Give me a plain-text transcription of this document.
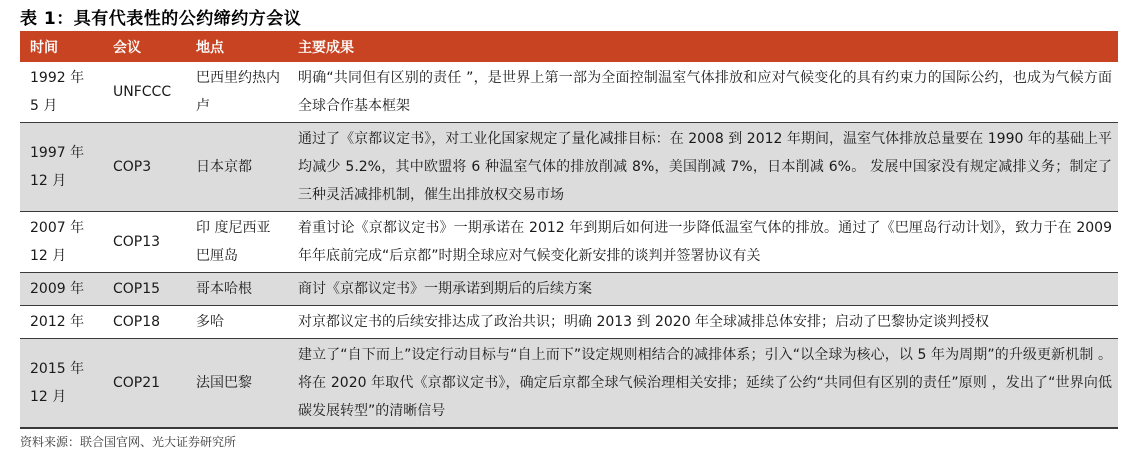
表 1：具有代表性的公约缔约方会议
时间	会议	地点	主要成果
1992 年 5 月	UNFCCC	巴西里约热内卢	明确“共同但有区别的责任 ”，是世界上第一部为全面控制温室气体排放和应对气候变化的具有约束力的国际公约，也成为气候方面全球合作基本框架
1997 年 12 月	COP3	日本京都	通过了《京都议定书》，对工业化国家规定了量化减排目标：在 2008 到 2012 年期间，温室气体排放总量要在 1990 年的基础上平均减少 5.2%，其中欧盟将 6 种温室气体的排放削减 8%，美国削减 7%，日本削减 6%。 发展中国家没有规定减排义务；制定了三种灵活减排机制，催生出排放权交易市场
2007 年 12 月	COP13	印 度尼西亚巴厘岛	着重讨论《京都议定书》一期承诺在 2012 年到期后如何进一步降低温室气体的排放。通过了《巴厘岛行动计划》，致力于在 2009 年年底前完成“后京都”时期全球应对气候变化新安排的谈判并签署协议有关
2009 年	COP15	哥本哈根	商讨《京都议定书》一期承诺到期后的后续方案
2012 年	COP18	多哈	对京都议定书的后续安排达成了政治共识；明确 2013 到 2020 年全球减排总体安排；启动了巴黎协定谈判授权
2015 年 12 月	COP21	法国巴黎	建立了“自下而上”设定行动目标与“自上而下”设定规则相结合的减排体系；引入“以全球为核心，以 5 年为周期”的升级更新机制 。将在 2020 年取代《京都议定书》，确定后京都全球气候治理相关安排；延续了公约“共同但有区别的责任”原则 ，发出了“世界向低碳发展转型”的清晰信号
资料来源：联合国官网、光大证券研究所
